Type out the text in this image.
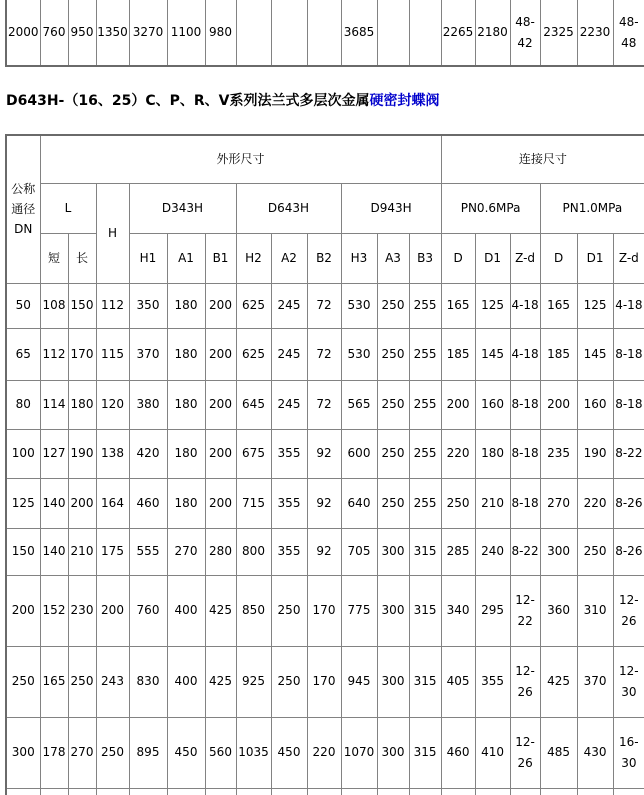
2000	760	950	1350	3270	1100	980				3685			2265	2180	48-42	2325	2230	48-48
D643H-（16、25）C、P、R、V系列法兰式多层次金属硬密封蝶阀
公称
通径
DN	外形尺寸												连接尺寸					
	L		H	D343H			D643H			D943H			PN0.6MPa			PN1.0MPa		
	短	长		H1	A1	B1	H2	A2	B2	H3	A3	B3	D	D1	Z-d	D	D1	Z-d
50	108	150	112	350	180	200	625	245	72	530	250	255	165	125	4-18	165	125	4-18
65	112	170	115	370	180	200	625	245	72	530	250	255	185	145	4-18	185	145	8-18
80	114	180	120	380	180	200	645	245	72	565	250	255	200	160	8-18	200	160	8-18
100	127	190	138	420	180	200	675	355	92	600	250	255	220	180	8-18	235	190	8-22
125	140	200	164	460	180	200	715	355	92	640	250	255	250	210	8-18	270	220	8-26
150	140	210	175	555	270	280	800	355	92	705	300	315	285	240	8-22	300	250	8-26
200	152	230	200	760	400	425	850	250	170	775	300	315	340	295	12-22	360	310	12-26
250	165	250	243	830	400	425	925	250	170	945	300	315	405	355	12-26	425	370	12-30
300	178	270	250	895	450	560	1035	450	220	1070	300	315	460	410	12-26	485	430	16-30
